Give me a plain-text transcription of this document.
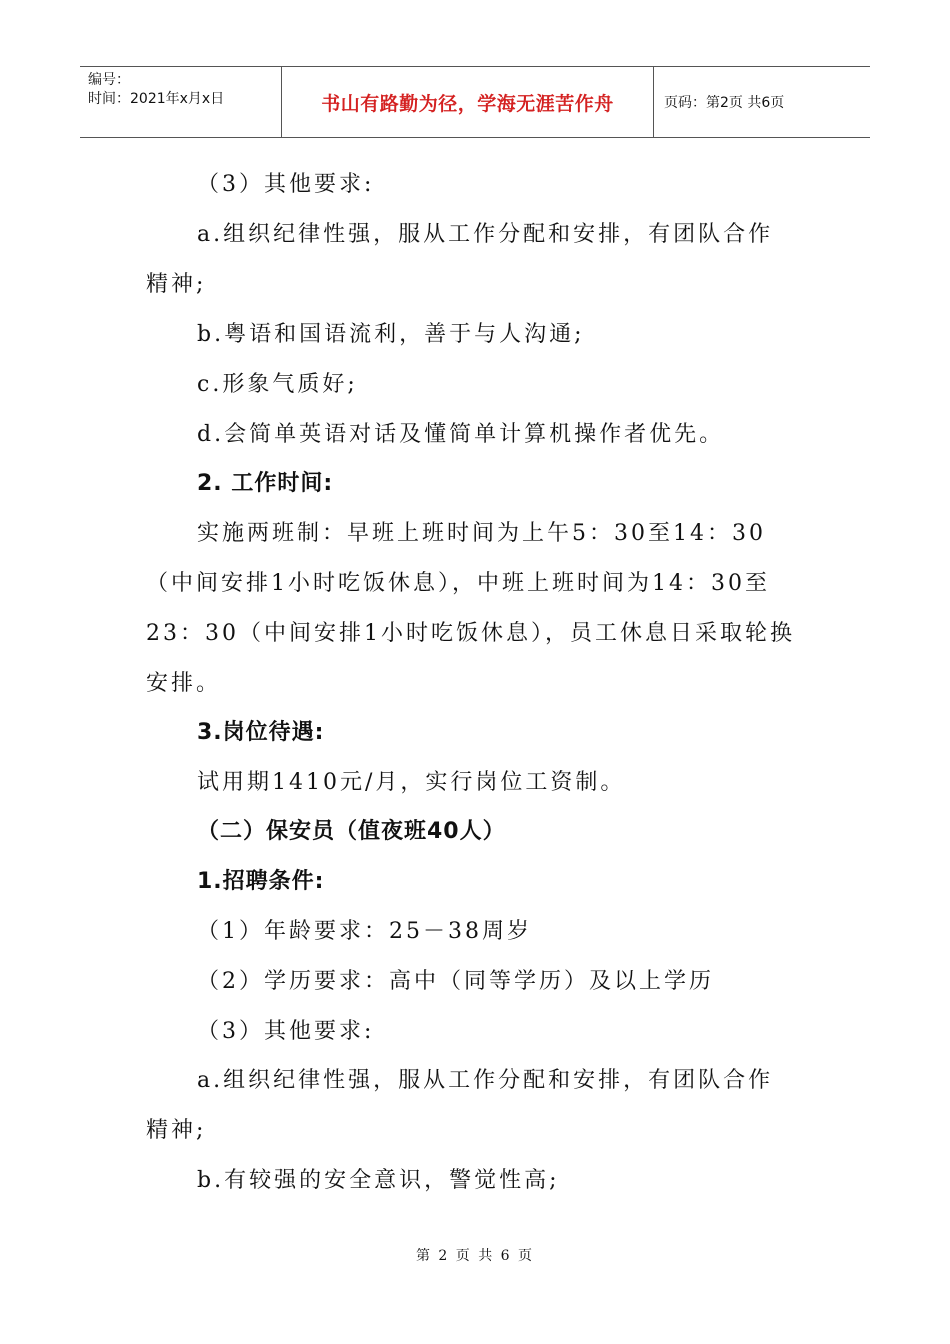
编号：
时间：2021年x月x日	书山有路勤为径，学海无涯苦作舟	页码：第2页 共6页
（3）其他要求:
a.组织纪律性强，服从工作分配和安排，有团队合作
精神;
b.粤语和国语流利，善于与人沟通;
c.形象气质好;
d.会简单英语对话及懂简单计算机操作者优先。
2. 工作时间:
实施两班制：早班上班时间为上午5：30至14：30
（中间安排1小时吃饭休息），中班上班时间为14：30至
23：30（中间安排1小时吃饭休息），员工休息日采取轮换
安排。
3.岗位待遇:
试用期1410元/月，实行岗位工资制。
（二）保安员（值夜班40人）
1.招聘条件:
（1）年龄要求：25－38周岁
（2）学历要求：高中（同等学历）及以上学历
（3）其他要求:
a.组织纪律性强，服从工作分配和安排，有团队合作
精神;
b.有较强的安全意识，警觉性高;
第 2 页 共 6 页
